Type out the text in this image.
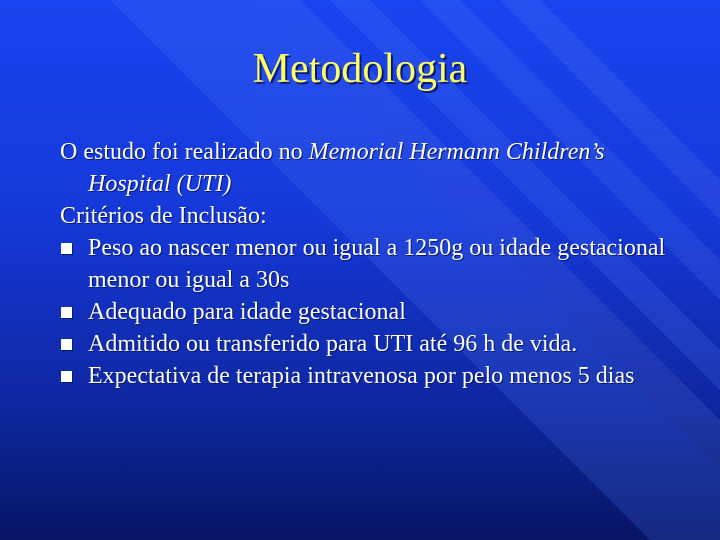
Metodologia

O estudo foi realizado no Memorial Hermann Children’s Hospital (UTI)

Critérios de Inclusão:

Peso ao nascer menor ou igual a 1250g ou idade gestacional menor ou igual a 30s
Adequado para idade gestacional
Admitido ou transferido para UTI até 96 h de vida.
Expectativa de terapia intravenosa por pelo menos 5 dias
